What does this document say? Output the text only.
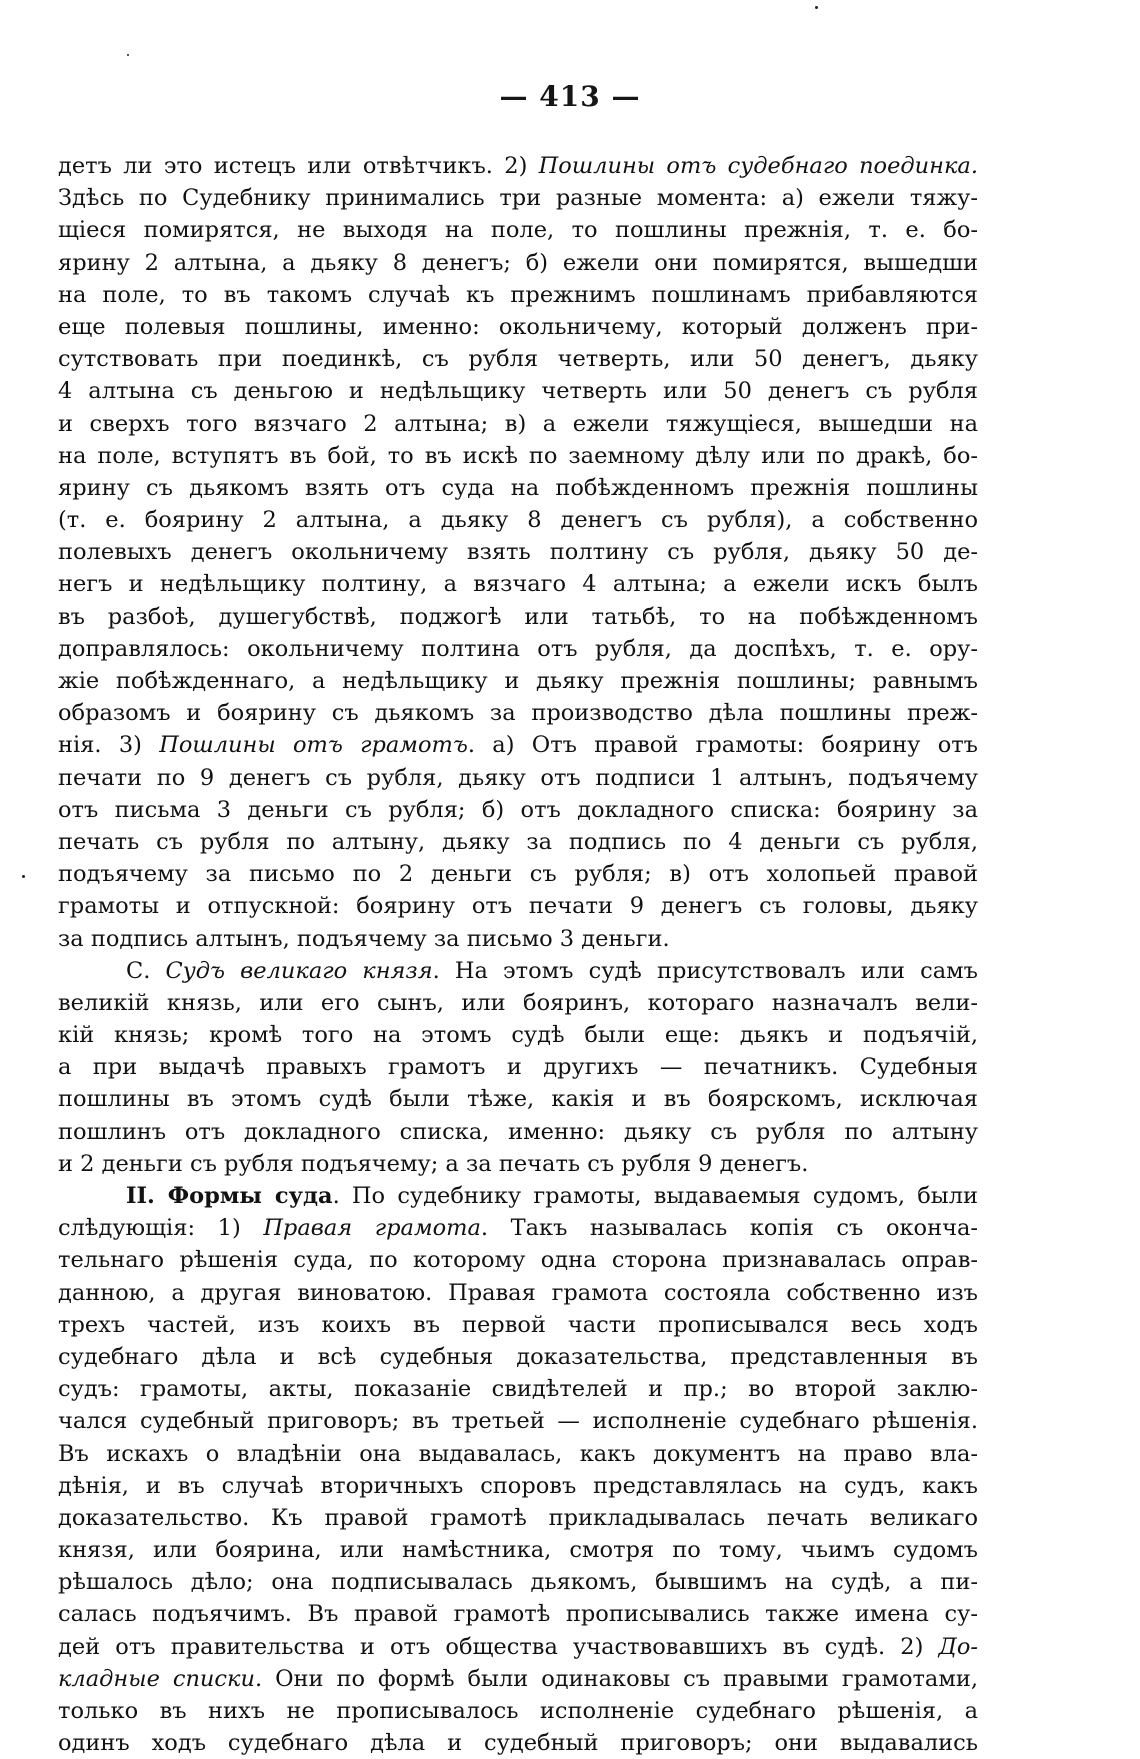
— 413 —
детъ ли это истецъ или отвѣтчикъ. 2) Пошлины отъ судебнаго поединка.
Здѣсь по Судебнику принимались три разные момента: а) ежели тяжу-
щіеся помирятся, не выходя на поле, то пошлины прежнія, т. е. бо-
ярину 2 алтына, а дьяку 8 денегъ; б) ежели они помирятся, вышедши
на поле, то въ такомъ случаѣ къ прежнимъ пошлинамъ прибавляются
еще полевыя пошлины, именно: окольничему, который долженъ при-
сутствовать при поединкѣ, съ рубля четверть, или 50 денегъ, дьяку
4 алтына съ деньгою и недѣльщику четверть или 50 денегъ съ рубля
и сверхъ того вязчаго 2 алтына; в) а ежели тяжущіеся, вышедши на
на поле, вступятъ въ бой, то въ искѣ по заемному дѣлу или по дракѣ, бо-
ярину съ дьякомъ взять отъ суда на побѣжденномъ прежнія пошлины
(т. е. боярину 2 алтына, а дьяку 8 денегъ съ рубля), а собственно
полевыхъ денегъ окольничему взять полтину съ рубля, дьяку 50 де-
негъ и недѣльщику полтину, а вязчаго 4 алтына; а ежели искъ былъ
въ разбоѣ, душегубствѣ, поджогѣ или татьбѣ, то на побѣжденномъ
доправлялось: окольничему полтина отъ рубля, да доспѣхъ, т. е. ору-
жіе побѣжденнаго, а недѣльщику и дьяку прежнія пошлины; равнымъ
образомъ и боярину съ дьякомъ за производство дѣла пошлины преж-
нія. 3) Пошлины отъ грамотъ. а) Отъ правой грамоты: боярину отъ
печати по 9 денегъ съ рубля, дьяку отъ подписи 1 алтынъ, подъячему
отъ письма 3 деньги съ рубля; б) отъ докладного списка: боярину за
печать съ рубля по алтыну, дьяку за подпись по 4 деньги съ рубля,
подъячему за письмо по 2 деньги съ рубля; в) отъ холопьей правой
грамоты и отпускной: боярину отъ печати 9 денегъ съ головы, дьяку
за подпись алтынъ, подъячему за письмо 3 деньги.
С. Судъ великаго князя. На этомъ судѣ присутствовалъ или самъ
великій князь, или его сынъ, или бояринъ, котораго назначалъ вели-
кій князь; кромѣ того на этомъ судѣ были еще: дьякъ и подъячій,
а при выдачѣ правыхъ грамотъ и другихъ — печатникъ. Судебныя
пошлины въ этомъ судѣ были тѣже, какія и въ боярскомъ, исключая
пошлинъ отъ докладного списка, именно: дьяку съ рубля по алтыну
и 2 деньги съ рубля подъячему; а за печать съ рубля 9 денегъ.
II. Формы суда. По судебнику грамоты, выдаваемыя судомъ, были
слѣдующія: 1) Правая грамота. Такъ называлась копія съ оконча-
тельнаго рѣшенія суда, по которому одна сторона признавалась оправ-
данною, а другая виноватою. Правая грамота состояла собственно изъ
трехъ частей, изъ коихъ въ первой части прописывался весь ходъ
судебнаго дѣла и всѣ судебныя доказательства, представленныя въ
судъ: грамоты, акты, показаніе свидѣтелей и пр.; во второй заклю-
чался судебный приговоръ; въ третьей — исполненіе судебнаго рѣшенія.
Въ искахъ о владѣніи она выдавалась, какъ документъ на право вла-
дѣнія, и въ случаѣ вторичныхъ споровъ представлялась на судъ, какъ
доказательство. Къ правой грамотѣ прикладывалась печать великаго
князя, или боярина, или намѣстника, смотря по тому, чьимъ судомъ
рѣшалось дѣло; она подписывалась дьякомъ, бывшимъ на судѣ, а пи-
салась подъячимъ. Въ правой грамотѣ прописывались также имена су-
дей отъ правительства и отъ общества участвовавшихъ въ судѣ. 2) До-
кладные списки. Они по формѣ были одинаковы съ правыми грамотами,
только въ нихъ не прописывалось исполненіе судебнаго рѣшенія, а
одинъ ходъ судебнаго дѣла и судебный приговоръ; они выдавались
